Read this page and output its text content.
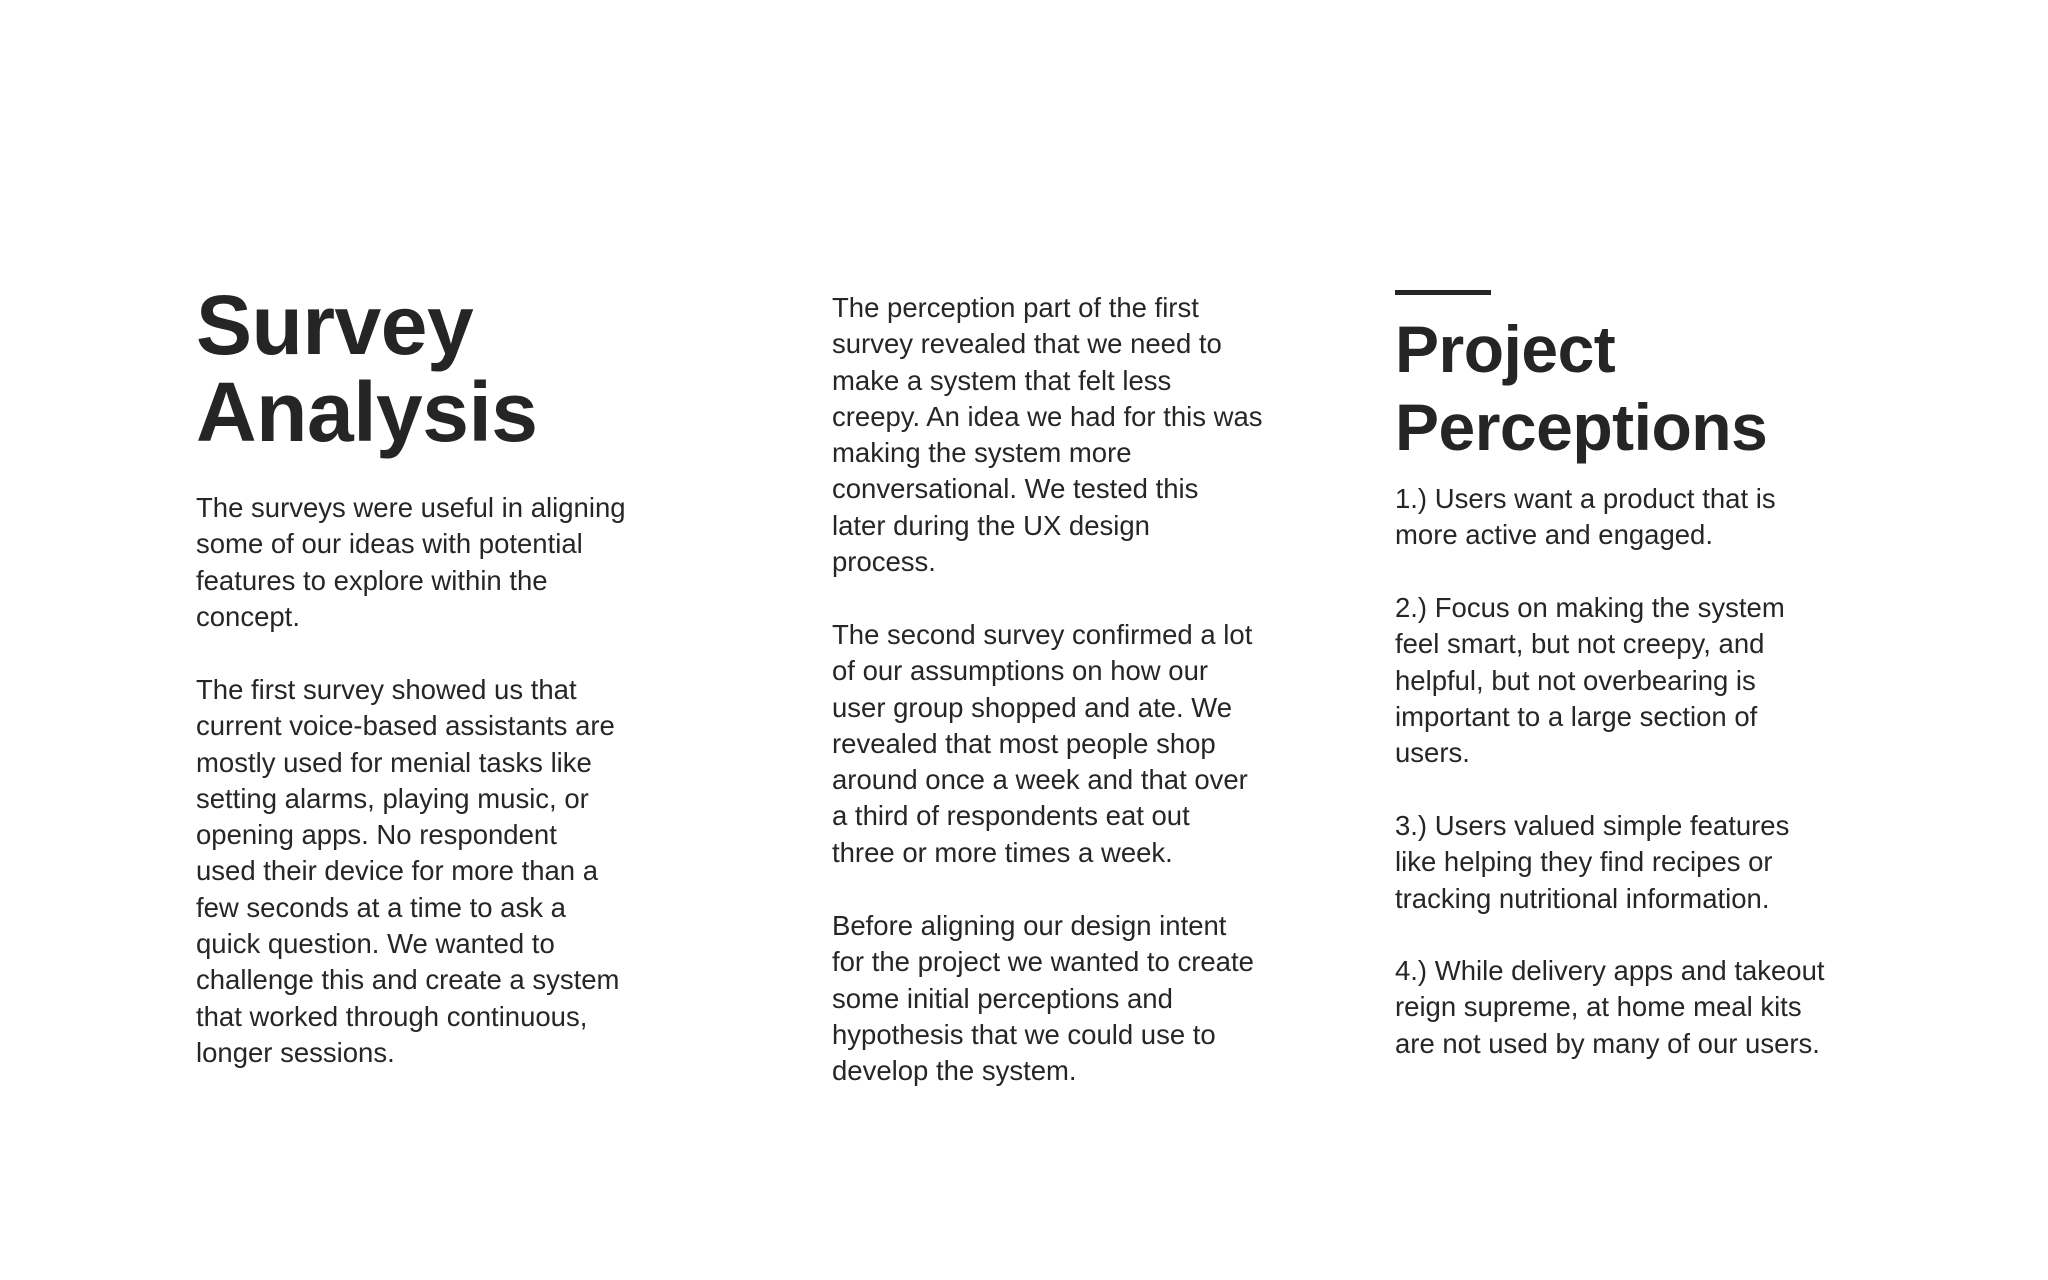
Survey
Analysis

The surveys were useful in aligning
some of our ideas with potential
features to explore within the
concept.

The first survey showed us that
current voice-based assistants are
mostly used for menial tasks like
setting alarms, playing music, or
opening apps. No respondent
used their device for more than a
few seconds at a time to ask a
quick question. We wanted to
challenge this and create a system
that worked through continuous,
longer sessions.

The perception part of the first
survey revealed that we need to
make a system that felt less
creepy. An idea we had for this was
making the system more
conversational. We tested this
later during the UX design
process.

The second survey confirmed a lot
of our assumptions on how our
user group shopped and ate. We
revealed that most people shop
around once a week and that over
a third of respondents eat out
three or more times a week.

Before aligning our design intent
for the project we wanted to create
some initial perceptions and
hypothesis that we could use to
develop the system.

Project
Perceptions

1.) Users want a product that is
more active and engaged.

2.) Focus on making the system
feel smart, but not creepy, and
helpful, but not overbearing is
important to a large section of
users.

3.) Users valued simple features
like helping they find recipes or
tracking nutritional information.

4.) While delivery apps and takeout
reign supreme, at home meal kits
are not used by many of our users.
